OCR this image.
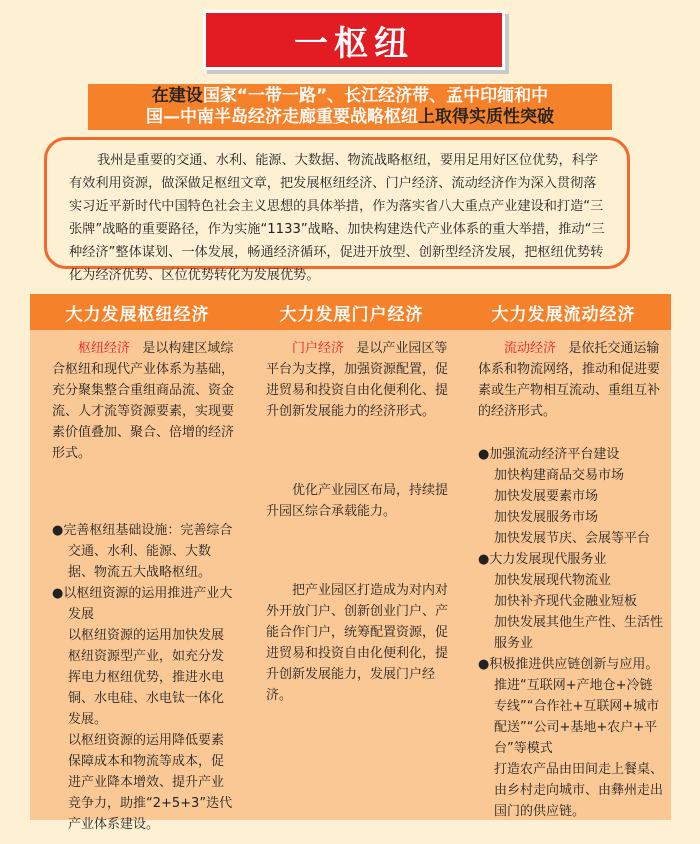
一枢纽
在建设国家“一带一路”、长江经济带、孟中印缅和中
国—中南半岛经济走廊重要战略枢纽上取得实质性突破
我州是重要的交通、水利、能源、大数据、物流战略枢纽，要用足用好区位优势，科学有效利用资源，做深做足枢纽文章，把发展枢纽经济、门户经济、流动经济作为深入贯彻落实习近平新时代中国特色社会主义思想的具体举措，作为落实省八大重点产业建设和打造“三张牌”战略的重要路径，作为实施“1133”战略、加快构建迭代产业体系的重大举措，推动“三种经济”整体谋划、一体发展，畅通经济循环，促进开放型、创新型经济发展，把枢纽优势转化为经济优势、区位优势转化为发展优势。
大力发展枢纽经济

枢纽经济 是以构建区域综合枢纽和现代产业体系为基础，充分聚集整合重组商品流、资金流、人才流等资源要素，实现要素价值叠加、聚合、倍增的经济形式。

●完善枢纽基础设施：完善综合交通、水利、能源、大数据、物流五大战略枢纽。

●以枢纽资源的运用推进产业大发展

以枢纽资源的运用加快发展枢纽资源型产业，如充分发挥电力枢纽优势，推进水电铜、水电硅、水电钛一体化发展。

以枢纽资源的运用降低要素保障成本和物流等成本，促进产业降本增效、提升产业竞争力，助推“2+5+3”迭代产业体系建设。

大力发展门户经济

门户经济 是以产业园区等平台为支撑，加强资源配置，促进贸易和投资自由化便利化、提升创新发展能力的经济形式。

优化产业园区布局，持续提升园区综合承载能力。

把产业园区打造成为对内对外开放门户、创新创业门户、产能合作门户，统筹配置资源，促进贸易和投资自由化便利化，提升创新发展能力，发展门户经济。

大力发展流动经济

流动经济 是依托交通运输体系和物流网络，推动和促进要素或生产物相互流动、重组互补的经济形式。

●加强流动经济平台建设

加快构建商品交易市场

加快发展要素市场

加快发展服务市场

加快发展节庆、会展等平台

●大力发展现代服务业

加快发展现代物流业

加快补齐现代金融业短板

加快发展其他生产性、生活性服务业

●积极推进供应链创新与应用。

推进“互联网+产地仓+冷链专线”“合作社+互联网+城市配送”“公司+基地+农户+平台”等模式

打造农产品由田间走上餐桌、由乡村走向城市、由彝州走出国门的供应链。
